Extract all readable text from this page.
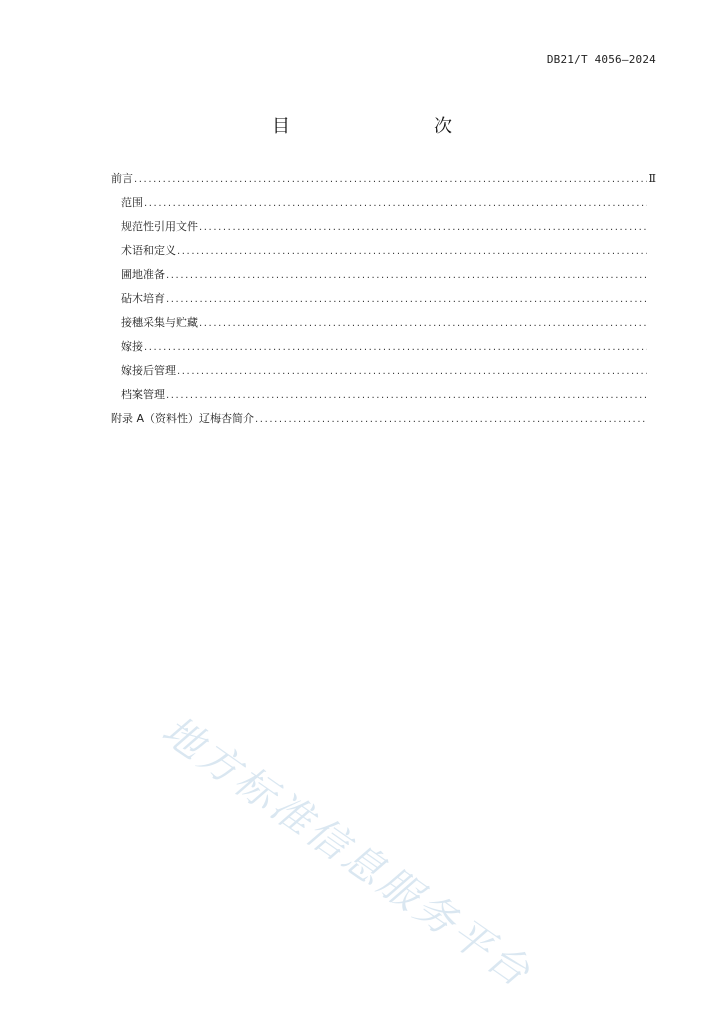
DB21/T 4056—2024
目　　次
前言
.....	Ⅱ
范围
.....
规范性引用文件
.....
术语和定义
.....
圃地准备
.....
砧木培育
.....
接穗采集与贮藏
.....
嫁接
.....
嫁接后管理
.....
档案管理
.....
附录 A（资料性）辽梅杏简介
.....
地方标准信息服务平台
